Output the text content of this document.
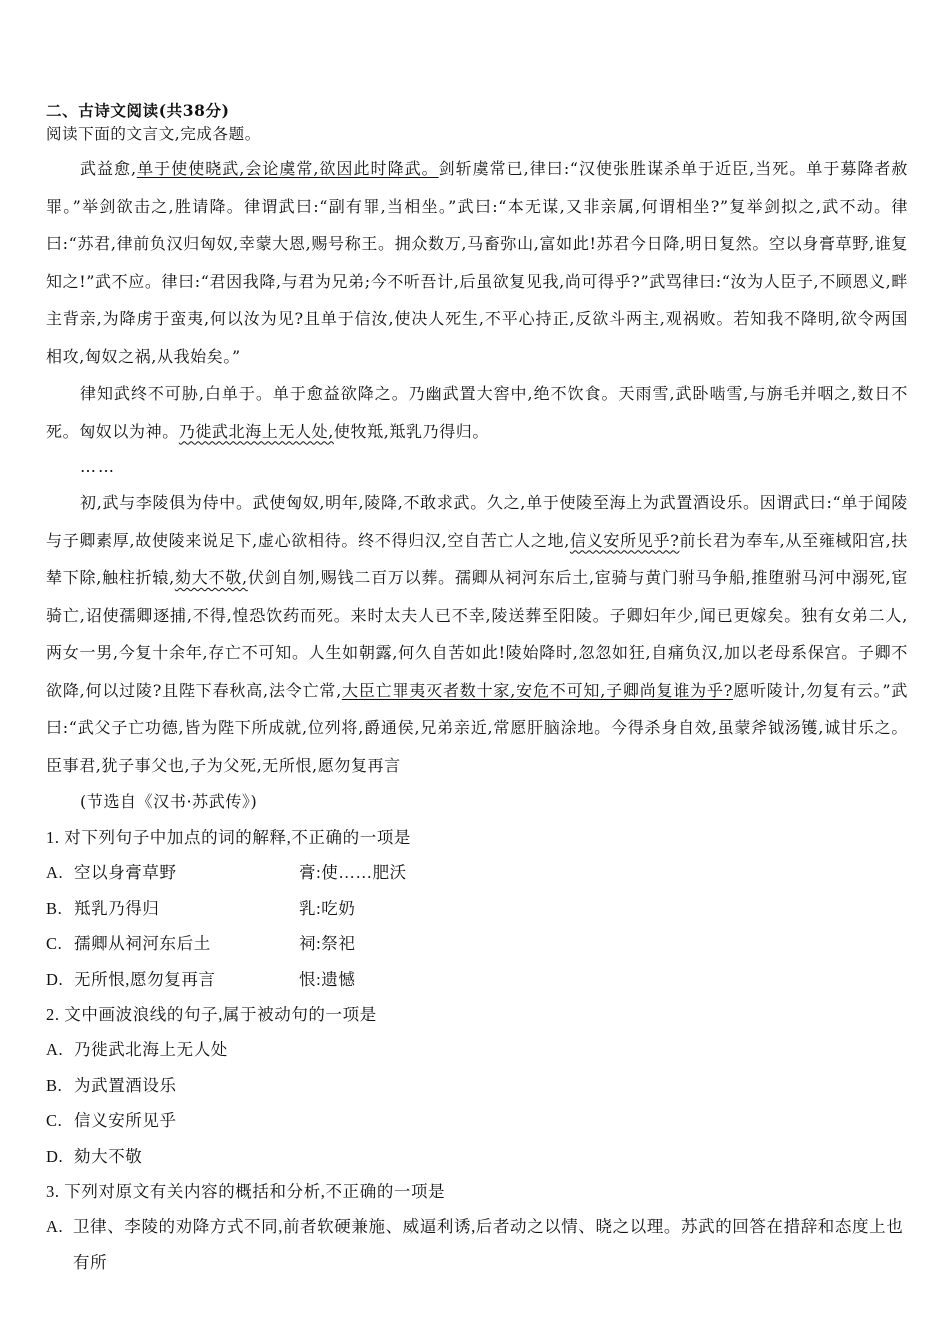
二、古诗文阅读(共38分)

阅读下面的文言文,完成各题。

武益愈,单于使使晓武,会论虞常,欲因此时降武。剑斩虞常已,律曰:“汉使张胜谋杀单于近臣,当死。单于募降者赦罪。”举剑欲击之,胜请降。律谓武曰:“副有罪,当相坐。”武曰:“本无谋,又非亲属,何谓相坐?”复举剑拟之,武不动。律曰:“苏君,律前负汉归匈奴,幸蒙大恩,赐号称王。拥众数万,马畜弥山,富如此!苏君今日降,明日复然。空以身膏草野,谁复知之!”武不应。律曰:“君因我降,与君为兄弟;今不听吾计,后虽欲复见我,尚可得乎?”武骂律曰:“汝为人臣子,不顾恩义,畔主背亲,为降虏于蛮夷,何以汝为见?且单于信汝,使决人死生,不平心持正,反欲斗两主,观祸败。若知我不降明,欲令两国相攻,匈奴之祸,从我始矣。”

律知武终不可胁,白单于。单于愈益欲降之。乃幽武置大窖中,绝不饮食。天雨雪,武卧啮雪,与旃毛并咽之,数日不死。匈奴以为神。乃徙武北海上无人处,使牧羝,羝乳乃得归。

……

初,武与李陵俱为侍中。武使匈奴,明年,陵降,不敢求武。久之,单于使陵至海上为武置酒设乐。因谓武曰:“单于闻陵与子卿素厚,故使陵来说足下,虚心欲相待。终不得归汉,空自苦亡人之地,信义安所见乎?前长君为奉车,从至雍棫阳宫,扶辇下除,触柱折辕,劾大不敬,伏剑自刎,赐钱二百万以葬。孺卿从祠河东后土,宦骑与黄门驸马争船,推堕驸马河中溺死,宦骑亡,诏使孺卿逐捕,不得,惶恐饮药而死。来时太夫人已不幸,陵送葬至阳陵。子卿妇年少,闻已更嫁矣。独有女弟二人,两女一男,今复十余年,存亡不可知。人生如朝露,何久自苦如此!陵始降时,忽忽如狂,自痛负汉,加以老母系保宫。子卿不欲降,何以过陵?且陛下春秋高,法令亡常,大臣亡罪夷灭者数十家,安危不可知,子卿尚复谁为乎?愿听陵计,勿复有云。”武曰:“武父子亡功德,皆为陛下所成就,位列将,爵通侯,兄弟亲近,常愿肝脑涂地。今得杀身自效,虽蒙斧钺汤镬,诚甘乐之。臣事君,犹子事父也,子为父死,无所恨,愿勿复再言

(节选自《汉书·苏武传》)

1. 对下列句子中加点的词的解释,不正确的一项是

A. 空以身膏草野	膏:使……肥沃
B. 羝乳乃得归	乳:吃奶
C. 孺卿从祠河东后土	祠:祭祀
D. 无所恨,愿勿复再言	恨:遗憾

2. 文中画波浪线的句子,属于被动句的一项是

A. 乃徙武北海上无人处
B. 为武置酒设乐
C. 信义安所见乎
D. 劾大不敬

3. 下列对原文有关内容的概括和分析,不正确的一项是

A. 卫律、李陵的劝降方式不同,前者软硬兼施、威逼利诱,后者动之以情、晓之以理。苏武的回答在措辞和态度上也有所
